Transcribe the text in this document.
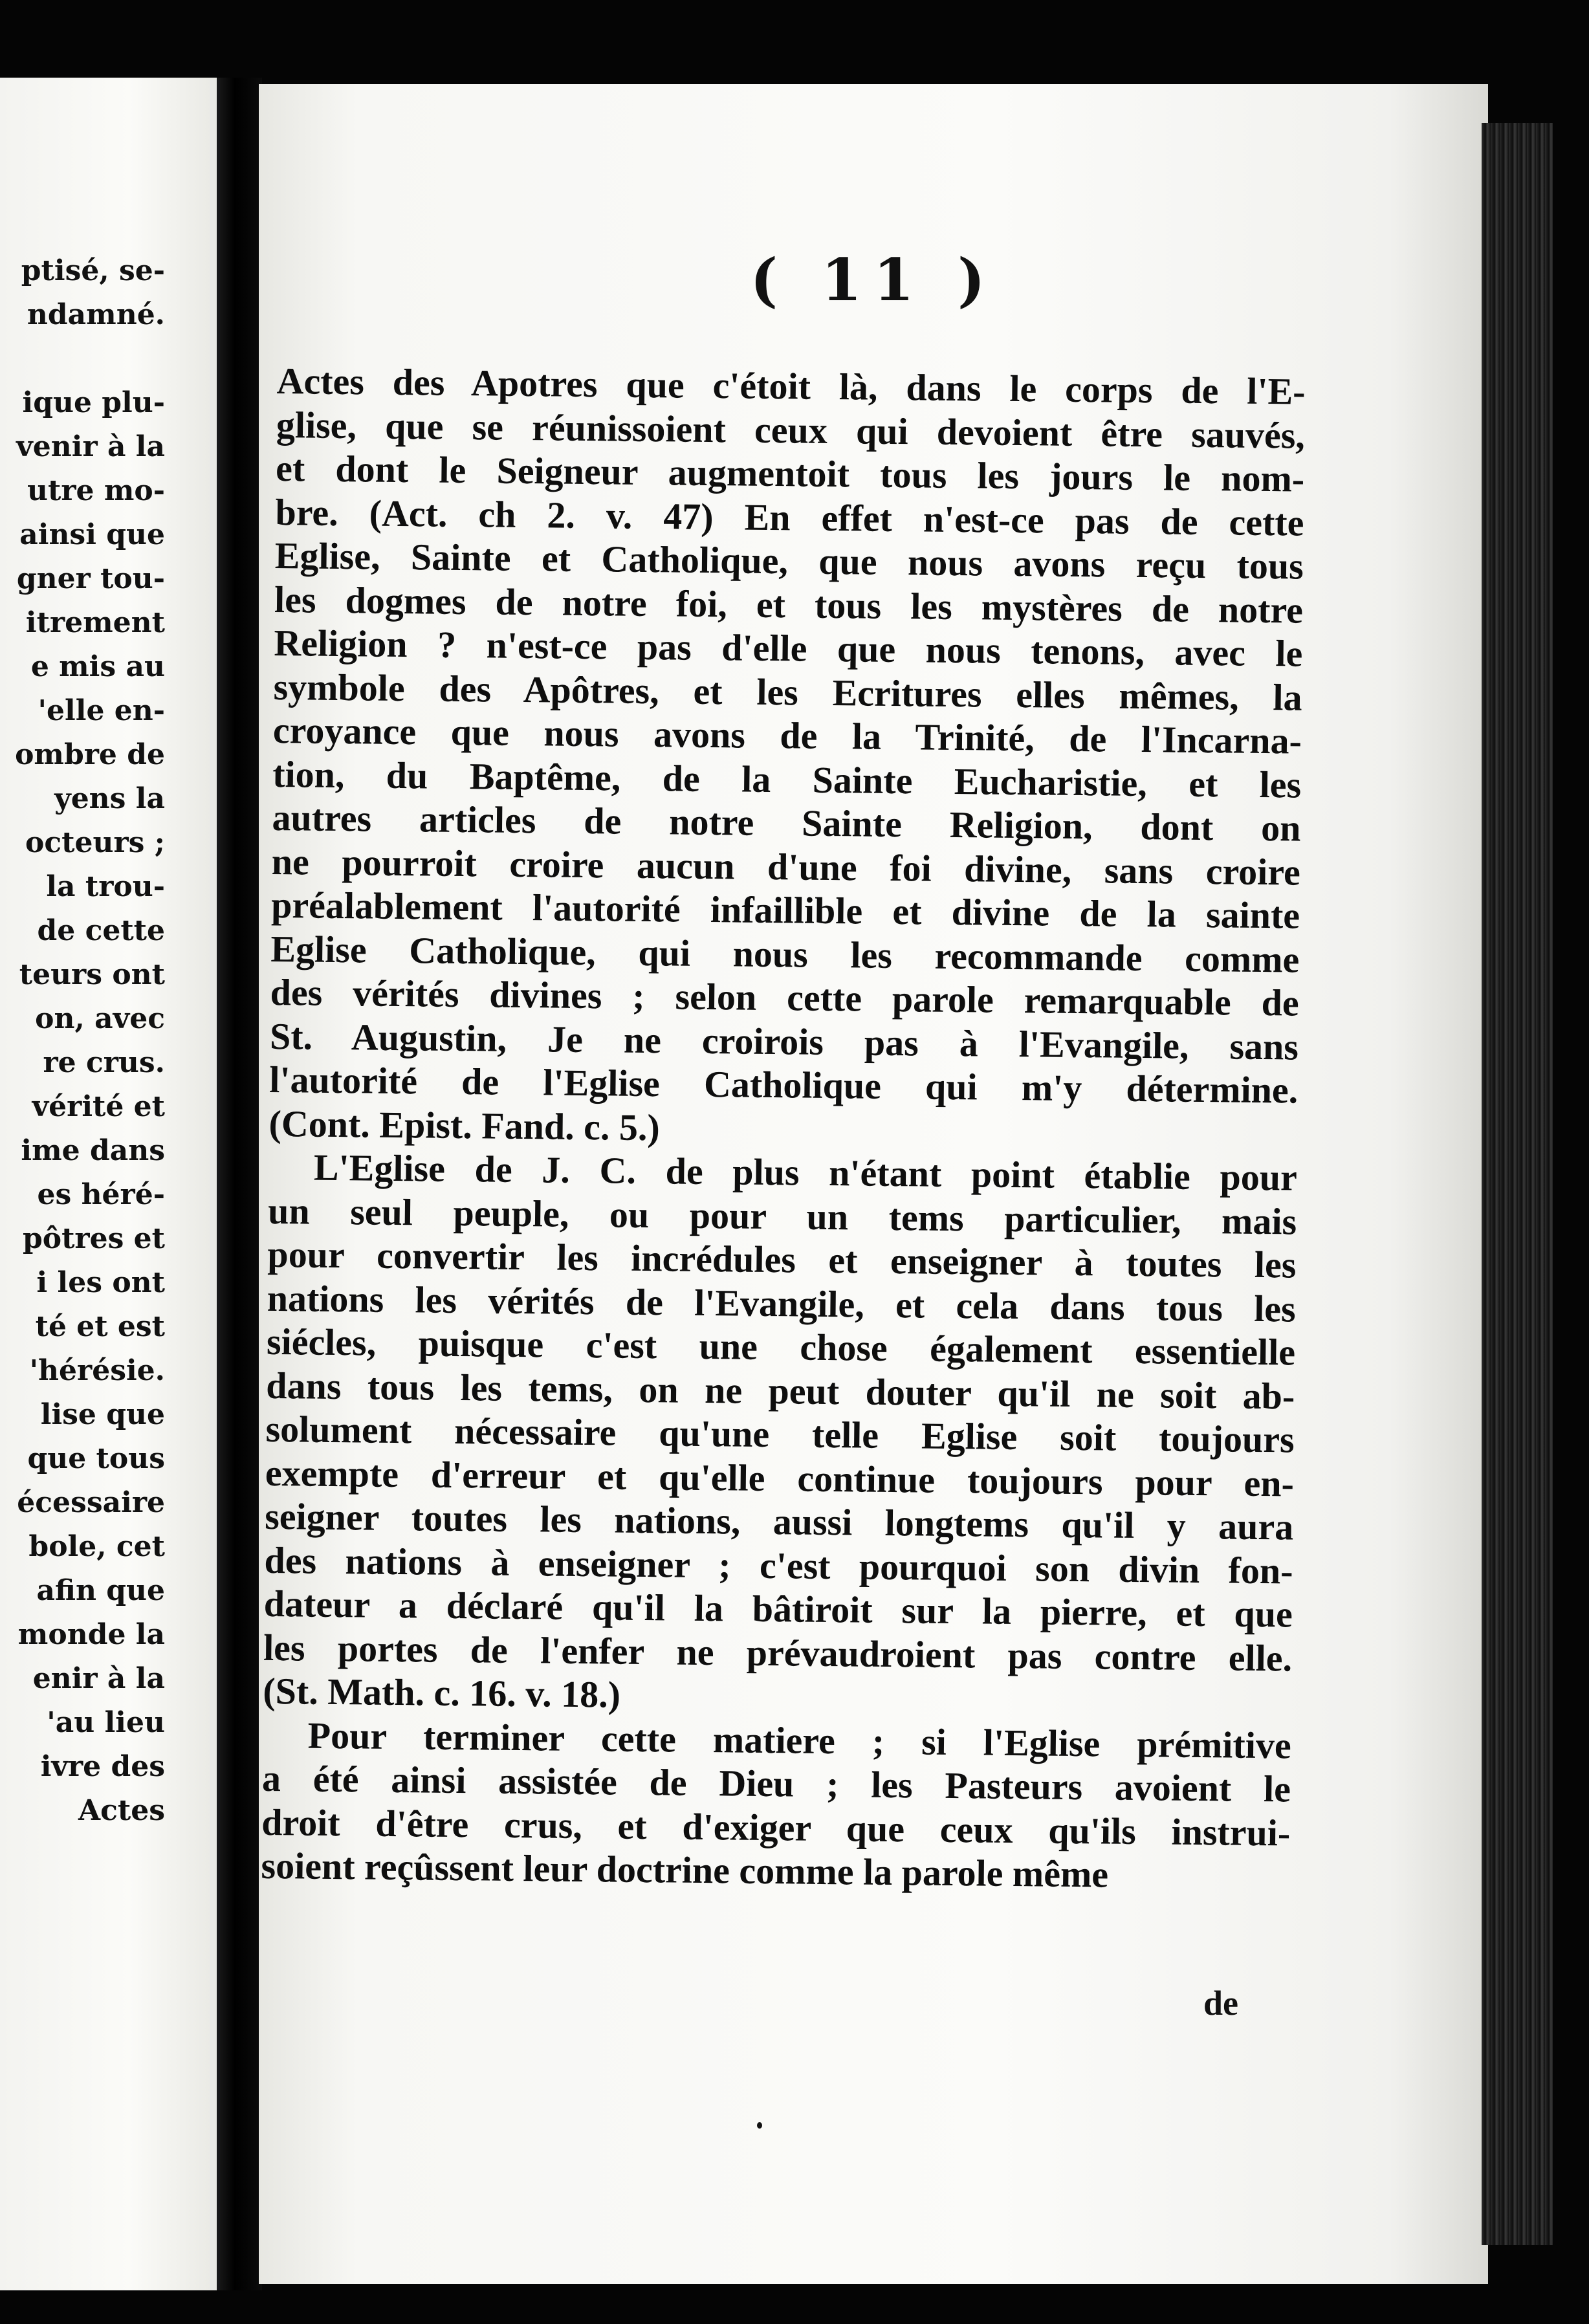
ptisé, se-
ndamné.
ique plu-
venir à la
utre mo-
ainsi que
gner tou-
itrement
e mis au
'elle en-
ombre de
yens la
octeurs ;
la trou-
de cette
teurs ont
on, avec
re crus.
vérité et
ime dans
es héré-
pôtres et
i les ont
té et est
'hérésie.
lise que
que tous
écessaire
bole, cet
afin que
monde la
enir à la
'au lieu
ivre des
Actes
( 11 )
Actes des Apotres que c'étoit là, dans le corps de l'E-
glise, que se réunissoient ceux qui devoient être sauvés,
et dont le Seigneur augmentoit tous les jours le nom-
bre. (Act. ch 2. v. 47) En effet n'est-ce pas de cette
Eglise, Sainte et Catholique, que nous avons reçu tous
les dogmes de notre foi, et tous les mystères de notre
Religion ? n'est-ce pas d'elle que nous tenons, avec le
symbole des Apôtres, et les Ecritures elles mêmes, la
croyance que nous avons de la Trinité, de l'Incarna-
tion, du Baptême, de la Sainte Eucharistie, et les
autres articles de notre Sainte Religion, dont on
ne pourroit croire aucun d'une foi divine, sans croire
préalablement l'autorité infaillible et divine de la sainte
Eglise Catholique, qui nous les recommande comme
des vérités divines ; selon cette parole remarquable de
St. Augustin, Je ne croirois pas à l'Evangile, sans
l'autorité de l'Eglise Catholique qui m'y détermine.
(Cont. Epist. Fand. c. 5.)
L'Eglise de J. C. de plus n'étant point établie pour
un seul peuple, ou pour un tems particulier, mais
pour convertir les incrédules et enseigner à toutes les
nations les vérités de l'Evangile, et cela dans tous les
siécles, puisque c'est une chose également essentielle
dans tous les tems, on ne peut douter qu'il ne soit ab-
solument nécessaire qu'une telle Eglise soit toujours
exempte d'erreur et qu'elle continue toujours pour en-
seigner toutes les nations, aussi longtems qu'il y aura
des nations à enseigner ; c'est pourquoi son divin fon-
dateur a déclaré qu'il la bâtiroit sur la pierre, et que
les portes de l'enfer ne prévaudroient pas contre elle.
(St. Math. c. 16. v. 18.)
Pour terminer cette matiere ; si l'Eglise prémitive
a été ainsi assistée de Dieu ; les Pasteurs avoient le
droit d'être crus, et d'exiger que ceux qu'ils instrui-
soient reçûssent leur doctrine comme la parole même
de
